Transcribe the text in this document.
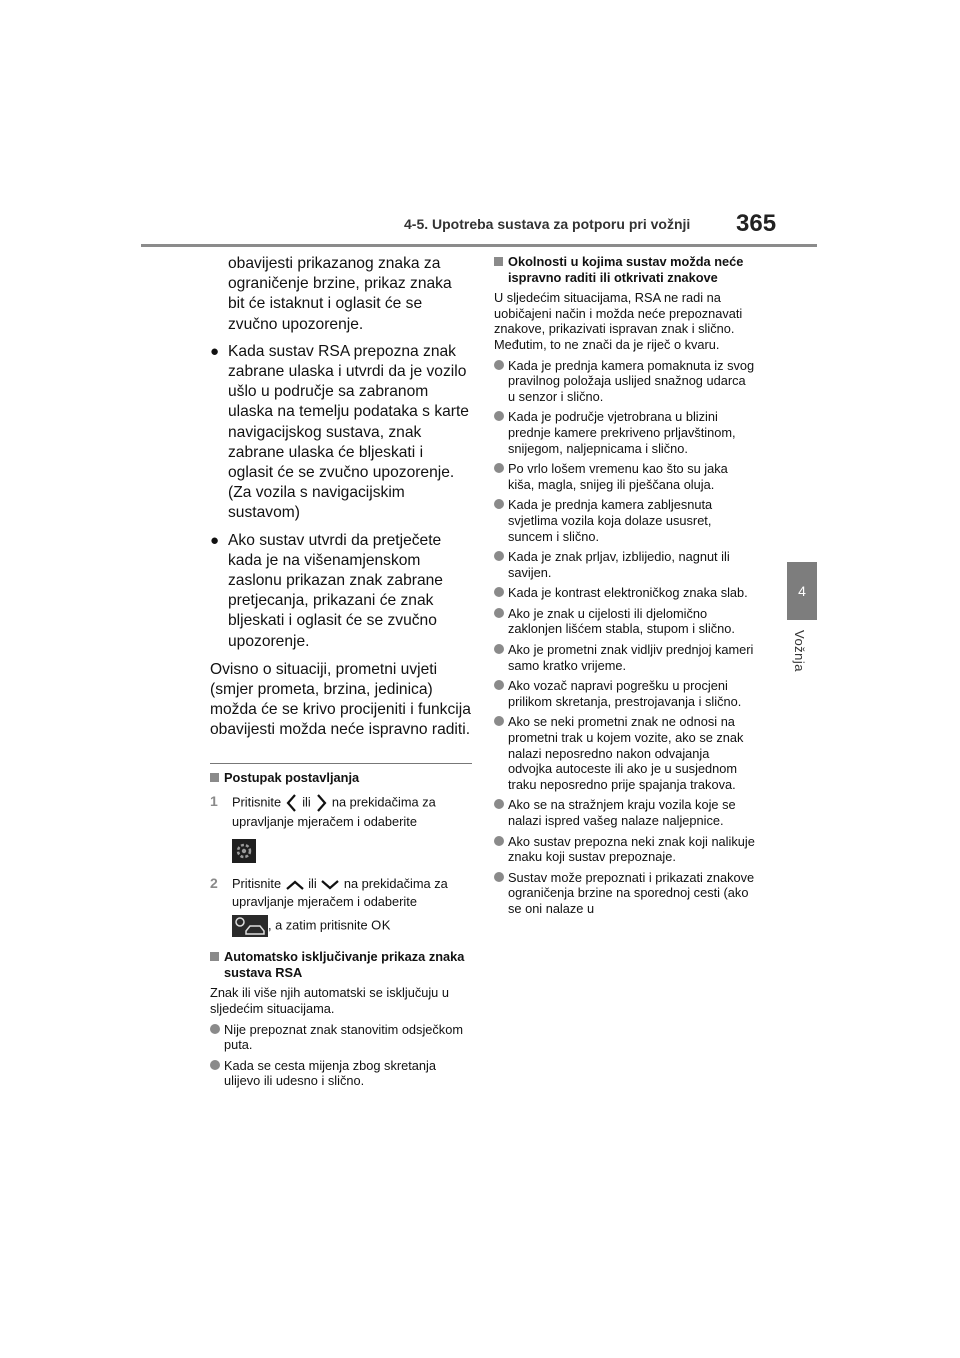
4-5. Upotreba sustava za potporu pri vožnji 365
4
Vožnja
obavijesti prikazanog znaka za ograničenje brzine, prikaz znaka bit će istaknut i oglasit će se zvučno upozorenje.
● Kada sustav RSA prepozna znak zabrane ulaska i utvrdi da je vozilo ušlo u područje sa zabranom ulaska na temelju podataka s karte navigacijskog sustava, znak zabrane ulaska će bljeskati i oglasit će se zvučno upozorenje. (Za vozila s navigacijskim sustavom)
● Ako sustav utvrdi da pretječete kada je na višenamjenskom zaslonu prikazan znak zabrane pretjecanja, prikazani će znak bljeskati i oglasit će se zvučno upozorenje.
Ovisno o situaciji, prometni uvjeti (smjer prometa, brzina, jedinica) možda će se krivo procijeniti i funkcija obavijesti možda neće ispravno raditi.
Postupak postavljanja
1 Pritisnite ili na prekidačima za upravljanje mjeračem i odaberite
2 Pritisnite ili na prekidačima za upravljanje mjeračem i odaberite
, a zatim pritisnite OK
Automatsko isključivanje prikaza znaka sustava RSA
Znak ili više njih automatski se isključuju u sljedećim situacijama.
Nije prepoznat znak stanovitim odsječkom puta.
Kada se cesta mijenja zbog skretanja ulijevo ili udesno i slično.
Okolnosti u kojima sustav možda neće ispravno raditi ili otkrivati znakove
U sljedećim situacijama, RSA ne radi na uobičajeni način i možda neće prepoznavati znakove, prikazivati ispravan znak i slično. Međutim, to ne znači da je riječ o kvaru.
Kada je prednja kamera pomaknuta iz svog pravilnog položaja uslijed snažnog udarca u senzor i slično.
Kada je područje vjetrobrana u blizini prednje kamere prekriveno prljavštinom, snijegom, naljepnicama i slično.
Po vrlo lošem vremenu kao što su jaka kiša, magla, snijeg ili pješčana oluja.
Kada je prednja kamera zabljesnuta svjetlima vozila koja dolaze ususret, suncem i slično.
Kada je znak prljav, izblijedio, nagnut ili savijen.
Kada je kontrast elektroničkog znaka slab.
Ako je znak u cijelosti ili djelomično zaklonjen lišćem stabla, stupom i slično.
Ako je prometni znak vidljiv prednjoj kameri samo kratko vrijeme.
Ako vozač napravi pogrešku u procjeni prilikom skretanja, prestrojavanja i slično.
Ako se neki prometni znak ne odnosi na prometni trak u kojem vozite, ako se znak nalazi neposredno nakon odvajanja odvojka autoceste ili ako je u susjednom traku neposredno prije spajanja trakova.
Ako se na stražnjem kraju vozila koje se nalazi ispred vašeg nalaze naljepnice.
Ako sustav prepozna neki znak koji nalikuje znaku koji sustav prepoznaje.
Sustav može prepoznati i prikazati znakove ograničenja brzine na sporednoj cesti (ako se oni nalaze u
